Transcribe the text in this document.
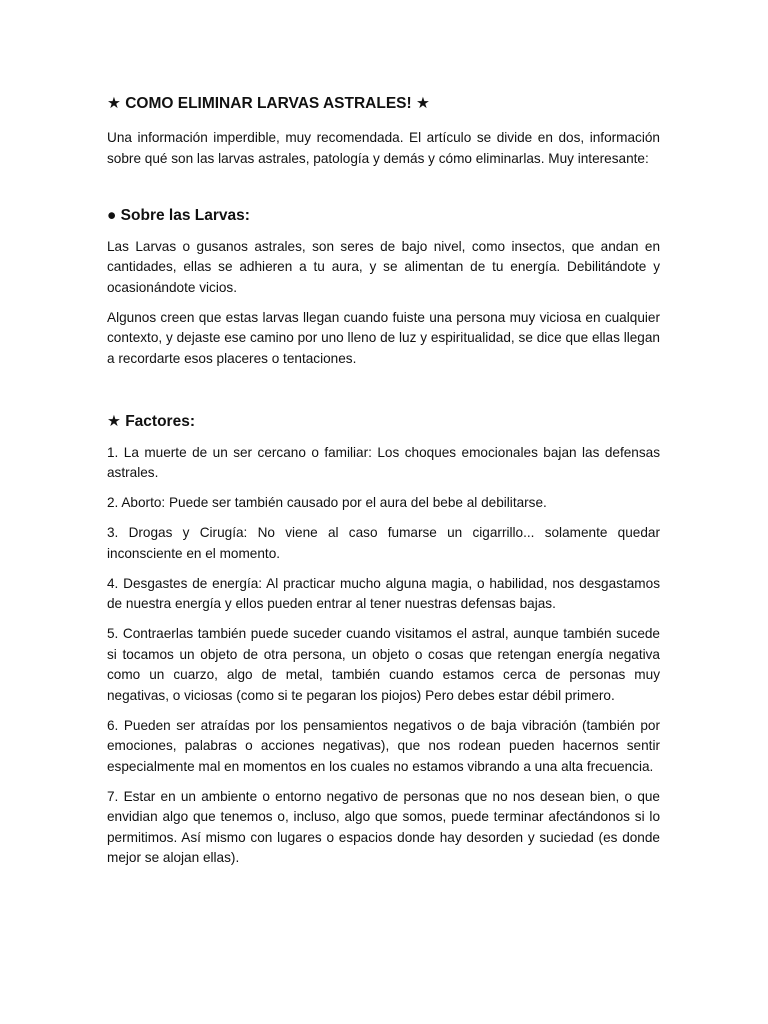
★ COMO ELIMINAR LARVAS ASTRALES! ★

Una información imperdible, muy recomendada. El artículo se divide en dos, información sobre qué son las larvas astrales, patología y demás y cómo eliminarlas. Muy interesante:

● Sobre las Larvas:

Las Larvas o gusanos astrales, son seres de bajo nivel, como insectos, que andan en cantidades, ellas se adhieren a tu aura, y se alimentan de tu energía. Debilitándote y ocasionándote vicios.

Algunos creen que estas larvas llegan cuando fuiste una persona muy viciosa en cualquier contexto, y dejaste ese camino por uno lleno de luz y espiritualidad, se dice que ellas llegan a recordarte esos placeres o tentaciones.

★ Factores:

1. La muerte de un ser cercano o familiar: Los choques emocionales bajan las defensas astrales.

2. Aborto: Puede ser también causado por el aura del bebe al debilitarse.

3. Drogas y Cirugía: No viene al caso fumarse un cigarrillo... solamente quedar inconsciente en el momento.

4. Desgastes de energía: Al practicar mucho alguna magia, o habilidad, nos desgastamos de nuestra energía y ellos pueden entrar al tener nuestras defensas bajas.

5. Contraerlas también puede suceder cuando visitamos el astral, aunque también sucede si tocamos un objeto de otra persona, un objeto o cosas que retengan energía negativa como un cuarzo, algo de metal, también cuando estamos cerca de personas muy negativas, o viciosas (como si te pegaran los piojos) Pero debes estar débil primero.

6. Pueden ser atraídas por los pensamientos negativos o de baja vibración (también por emociones, palabras o acciones negativas), que nos rodean pueden hacernos sentir especialmente mal en momentos en los cuales no estamos vibrando a una alta frecuencia.

7. Estar en un ambiente o entorno negativo de personas que no nos desean bien, o que envidian algo que tenemos o, incluso, algo que somos, puede terminar afectándonos si lo permitimos. Así mismo con lugares o espacios donde hay desorden y suciedad (es donde mejor se alojan ellas).
